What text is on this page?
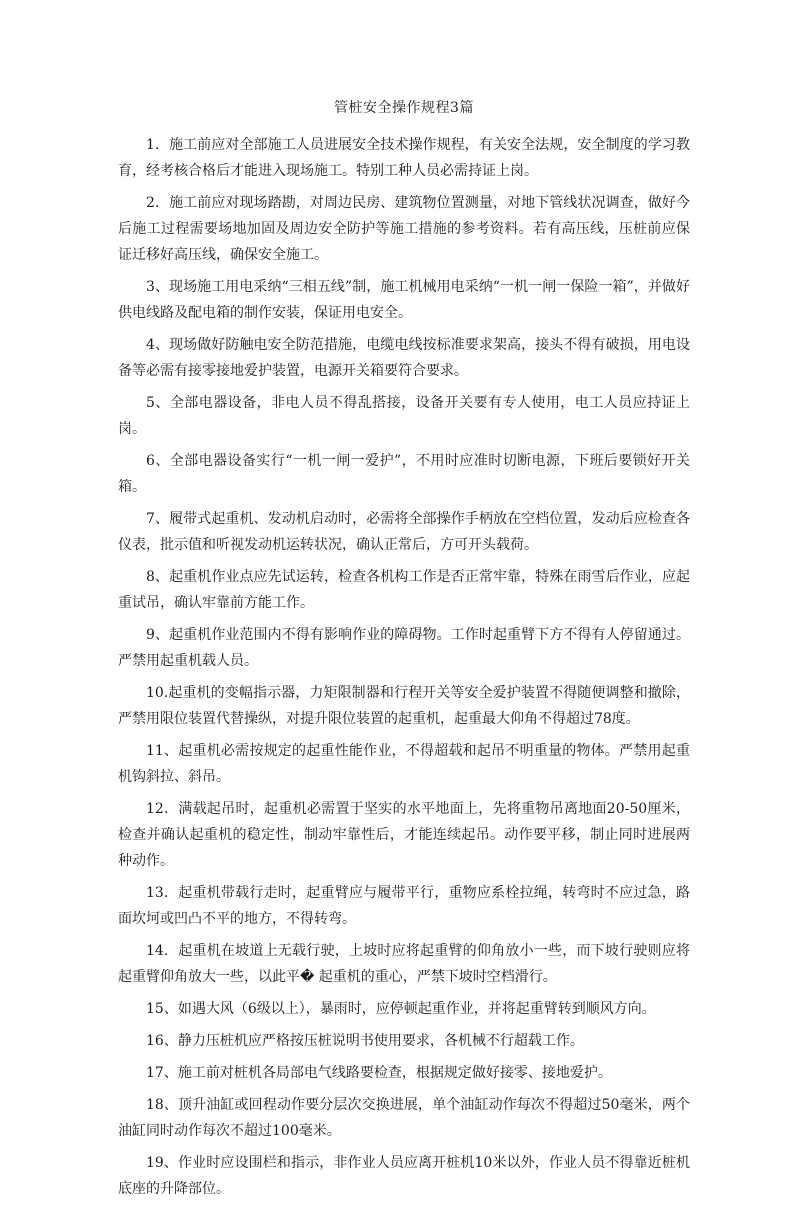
管桩安全操作规程3篇

1．施工前应对全部施工人员进展安全技术操作规程，有关安全法规，安全制度的学习教育，经考核合格后才能进入现场施工。特别工种人员必需持证上岗。

2．施工前应对现场踏勘，对周边民房、建筑物位置测量，对地下管线状况调查，做好今后施工过程需要场地加固及周边安全防护等施工措施的参考资料。若有高压线，压桩前应保证迁移好高压线，确保安全施工。

3、现场施工用电采纳“三相五线”制，施工机械用电采纳“一机一闸一保险一箱”，并做好供电线路及配电箱的制作安装，保证用电安全。

4、现场做好防触电安全防范措施，电缆电线按标准要求架高，接头不得有破损，用电设备等必需有接零接地爱护装置，电源开关箱要符合要求。

5、全部电器设备，非电人员不得乱搭接，设备开关要有专人使用，电工人员应持证上岗。

6、全部电器设备实行“一机一闸一爱护”，不用时应准时切断电源，下班后要锁好开关箱。

7、履带式起重机、发动机启动时，必需将全部操作手柄放在空档位置，发动后应检查各仪表，批示值和听视发动机运转状况，确认正常后，方可开头载荷。

8、起重机作业点应先试运转，检查各机构工作是否正常牢靠，特殊在雨雪后作业，应起重试吊，确认牢靠前方能工作。

9、起重机作业范围内不得有影响作业的障碍物。工作时起重臂下方不得有人停留通过。严禁用起重机载人员。

10.起重机的变幅指示器，力矩限制器和行程开关等安全爱护装置不得随便调整和撤除，严禁用限位装置代替操纵，对提升限位装置的起重机，起重最大仰角不得超过78度。

11、起重机必需按规定的起重性能作业，不得超载和起吊不明重量的物体。严禁用起重机钩斜拉、斜吊。

12．满载起吊时，起重机必需置于坚实的水平地面上，先将重物吊离地面20-50厘米，检查并确认起重机的稳定性，制动牢靠性后，才能连续起吊。动作要平移，制止同时进展两种动作。

13．起重机带载行走时，起重臂应与履带平行，重物应系栓拉绳，转弯时不应过急，路面坎坷或凹凸不平的地方，不得转弯。

14．起重机在坡道上无载行驶，上坡时应将起重臂的仰角放小一些，而下坡行驶则应将起重臂仰角放大一些，以此平� 起重机的重心，严禁下坡时空档滑行。

15、如遇大风（6级以上），暴雨时，应停顿起重作业，并将起重臂转到顺风方向。

16、静力压桩机应严格按压桩说明书使用要求，各机械不行超载工作。

17、施工前对桩机各局部电气线路要检查，根据规定做好接零、接地爱护。

18、顶升油缸或回程动作要分层次交换进展，单个油缸动作每次不得超过50毫米，两个油缸同时动作每次不超过100毫米。

19、作业时应设围栏和指示，非作业人员应离开桩机10米以外，作业人员不得靠近桩机底座的升降部位。
